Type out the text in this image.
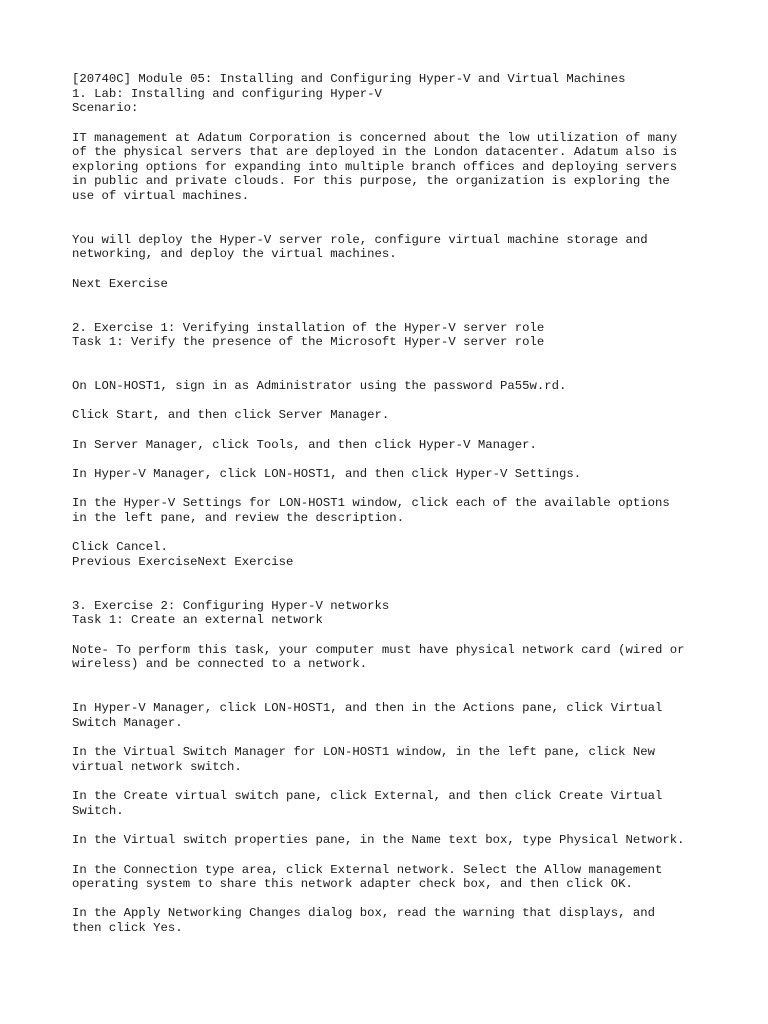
[20740C] Module 05: Installing and Configuring Hyper-V and Virtual Machines
1. Lab: Installing and configuring Hyper-V
Scenario:
IT management at Adatum Corporation is concerned about the low utilization of many
of the physical servers that are deployed in the London datacenter. Adatum also is
exploring options for expanding into multiple branch offices and deploying servers
in public and private clouds. For this purpose, the organization is exploring the
use of virtual machines.
You will deploy the Hyper-V server role, configure virtual machine storage and
networking, and deploy the virtual machines.
Next Exercise
2. Exercise 1: Verifying installation of the Hyper-V server role
Task 1: Verify the presence of the Microsoft Hyper-V server role
On LON-HOST1, sign in as Administrator using the password Pa55w.rd.
Click Start, and then click Server Manager.
In Server Manager, click Tools, and then click Hyper-V Manager.
In Hyper-V Manager, click LON-HOST1, and then click Hyper-V Settings.
In the Hyper-V Settings for LON-HOST1 window, click each of the available options
in the left pane, and review the description.
Click Cancel.
Previous ExerciseNext Exercise
3. Exercise 2: Configuring Hyper-V networks
Task 1: Create an external network
Note- To perform this task, your computer must have physical network card (wired or
wireless) and be connected to a network.
In Hyper-V Manager, click LON-HOST1, and then in the Actions pane, click Virtual
Switch Manager.
In the Virtual Switch Manager for LON-HOST1 window, in the left pane, click New
virtual network switch.
In the Create virtual switch pane, click External, and then click Create Virtual
Switch.
In the Virtual switch properties pane, in the Name text box, type Physical Network.
In the Connection type area, click External network. Select the Allow management
operating system to share this network adapter check box, and then click OK.
In the Apply Networking Changes dialog box, read the warning that displays, and
then click Yes.
